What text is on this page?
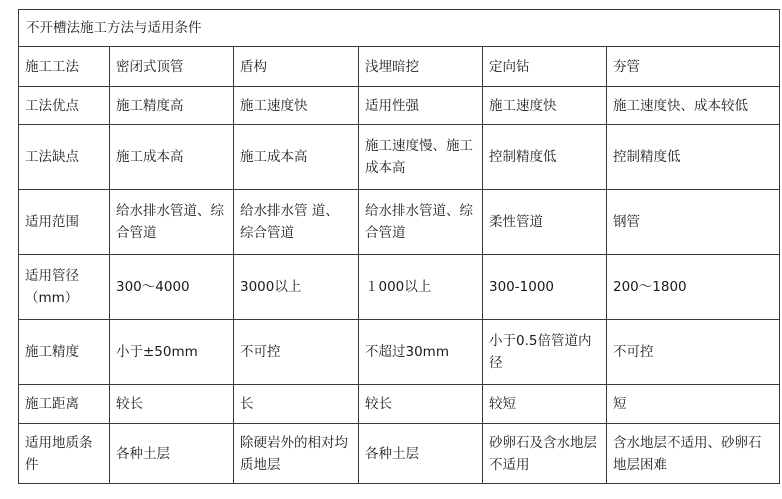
不开槽法施工方法与适用条件					
施工工法	密闭式顶管	盾构	浅埋暗挖	定向钻	夯管
工法优点	施工精度高	施工速度快	适用性强	施工速度快	施工速度快、成本较低
工法缺点	施工成本高	施工成本高	施工速度慢、施工成本高	控制精度低	控制精度低
适用范围	给水排水管道、综合管道	给水排水管 道、综合管道	给水排水管道、综合管道	柔性管道	钢管
适用管径（mm）	300～4000	3000以上	１000以上	300-1000	200～1800
施工精度	小于±50mm	不可控	不超过30mm	小于0.5倍管道内径	不可控
施工距离	较长	长	较长	较短	短
适用地质条件	各种土层	除硬岩外的相对均质地层	各种土层	砂卵石及含水地层不适用	含水地层不适用、砂卵石地层困难
